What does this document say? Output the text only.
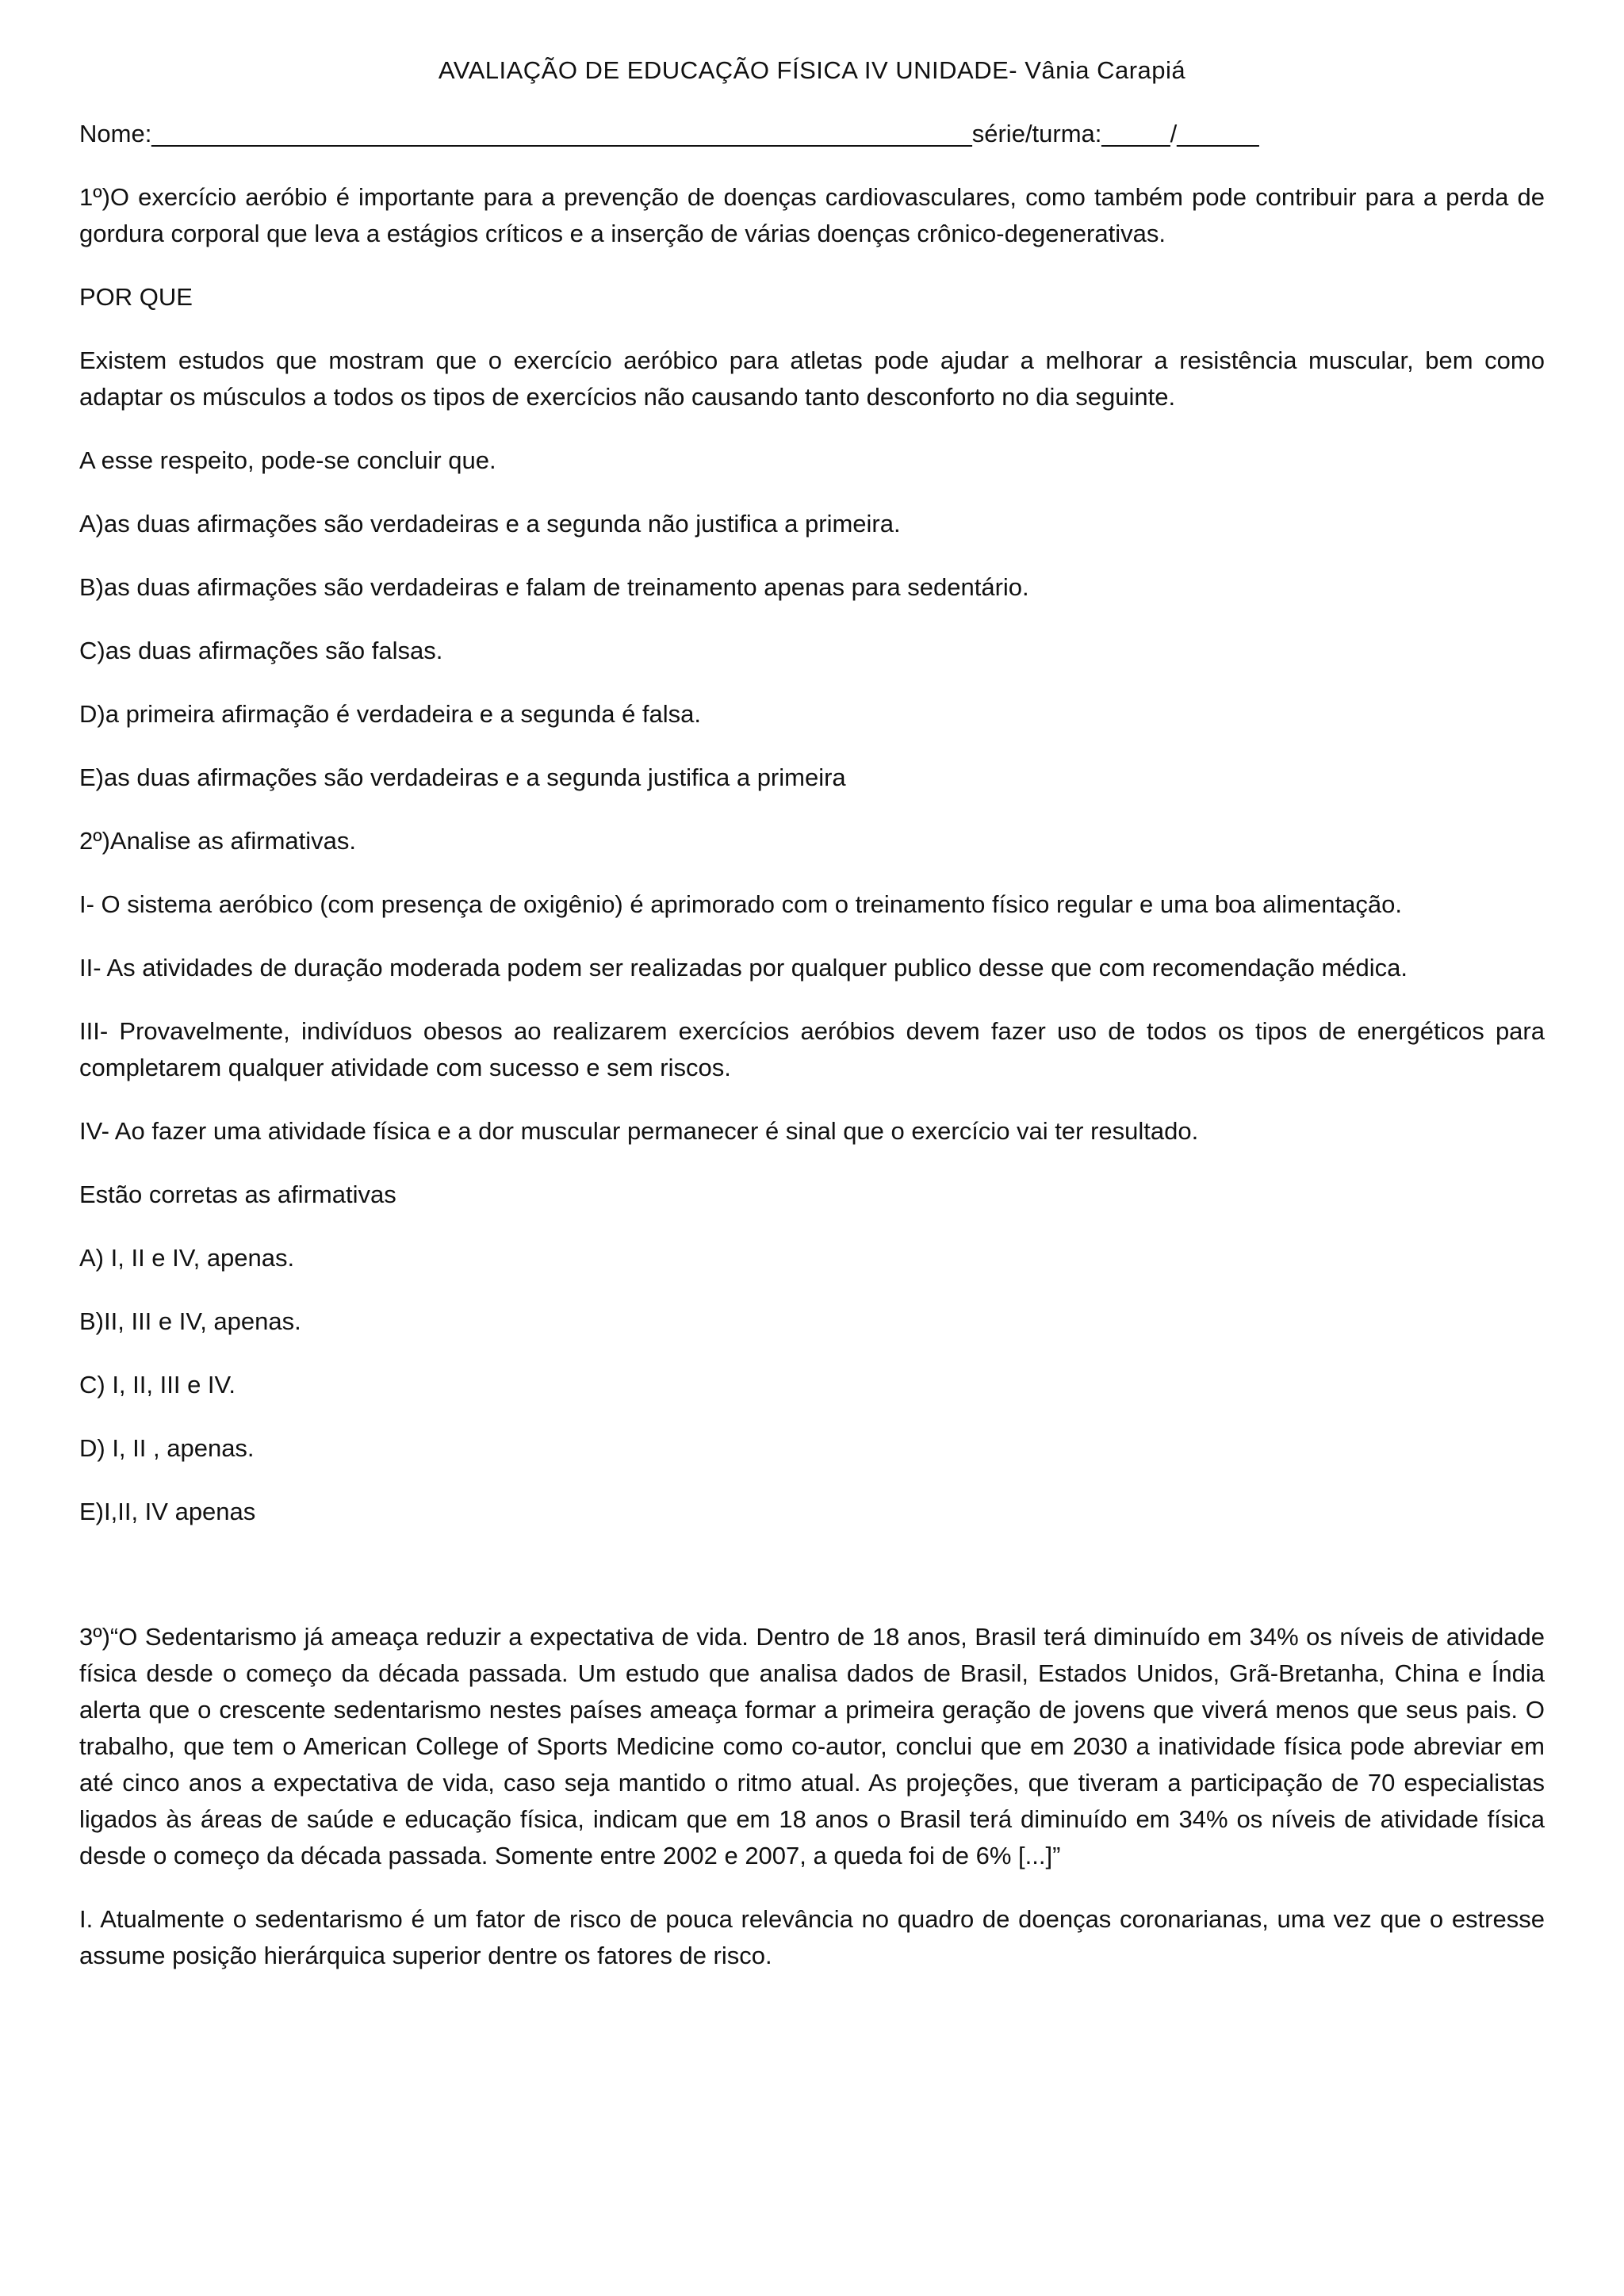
AVALIAÇÃO DE EDUCAÇÃO FÍSICA IV UNIDADE- Vânia Carapiá

Nome:____________________________________________________________série/turma:_____/______

1º)O exercício aeróbio é importante para a prevenção de doenças cardiovasculares, como também pode contribuir para a perda de gordura corporal que leva a estágios críticos e a inserção de várias doenças crônico-degenerativas.

POR QUE

Existem estudos que mostram que o exercício aeróbico para atletas pode ajudar a melhorar a resistência muscular, bem como adaptar os músculos a todos os tipos de exercícios não causando tanto desconforto no dia seguinte.

A esse respeito, pode-se concluir que.

A)as duas afirmações são verdadeiras e a segunda não justifica a primeira.

B)as duas afirmações são verdadeiras e falam de treinamento apenas para sedentário.

C)as duas afirmações são falsas.

D)a primeira afirmação é verdadeira e a segunda é falsa.

E)as duas afirmações são verdadeiras e a segunda justifica a primeira

2º)Analise as afirmativas.

I- O sistema aeróbico (com presença de oxigênio) é aprimorado com o treinamento físico regular e uma boa alimentação.

II- As atividades de duração moderada podem ser realizadas por qualquer publico desse que com recomendação médica.

III- Provavelmente, indivíduos obesos ao realizarem exercícios aeróbios devem fazer uso de todos os tipos de energéticos para completarem qualquer atividade com sucesso e sem riscos.

IV- Ao fazer uma atividade física e a dor muscular permanecer é sinal que o exercício vai ter resultado.

Estão corretas as afirmativas

A) I, II e IV, apenas.

B)II, III e IV, apenas.

C) I, II, III e IV.

D) I, II , apenas.

E)I,II, IV apenas

3º)“O Sedentarismo já ameaça reduzir a expectativa de vida. Dentro de 18 anos, Brasil terá diminuído em 34% os níveis de atividade física desde o começo da década passada. Um estudo que analisa dados de Brasil, Estados Unidos, Grã-Bretanha, China e Índia alerta que o crescente sedentarismo nestes países ameaça formar a primeira geração de jovens que viverá menos que seus pais. O trabalho, que tem o American College of Sports Medicine como co-autor, conclui que em 2030 a inatividade física pode abreviar em até cinco anos a expectativa de vida, caso seja mantido o ritmo atual. As projeções, que tiveram a participação de 70 especialistas ligados às áreas de saúde e educação física, indicam que em 18 anos o Brasil terá diminuído em 34% os níveis de atividade física desde o começo da década passada. Somente entre 2002 e 2007, a queda foi de 6% [...]”

I. Atualmente o sedentarismo é um fator de risco de pouca relevância no quadro de doenças coronarianas, uma vez que o estresse assume posição hierárquica superior dentre os fatores de risco.
